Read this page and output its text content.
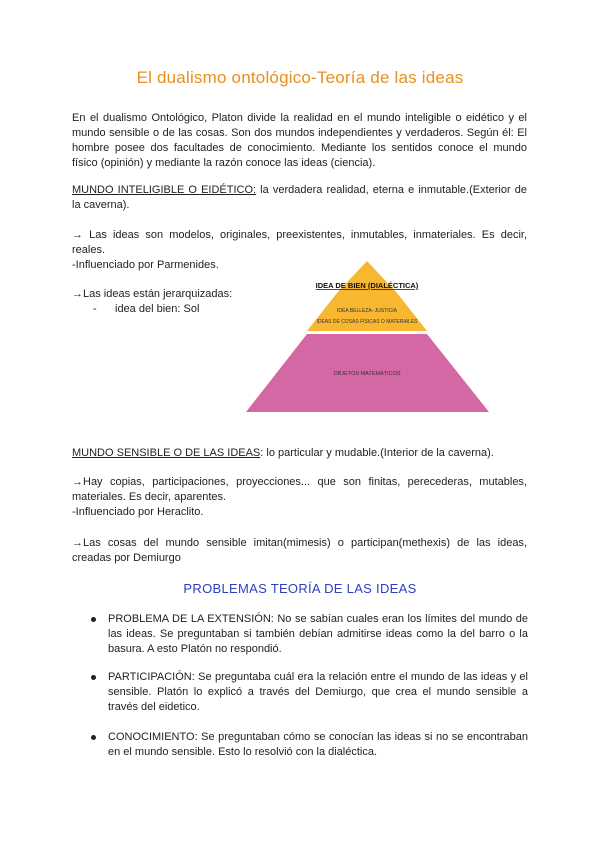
El dualismo ontológico-Teoría de las ideas

En el dualismo Ontológico, Platon divide la realidad en el mundo inteligible o eidético y el mundo sensible o de las cosas. Son dos mundos independientes y verdaderos. Según él: El hombre posee dos facultades de conocimiento. Mediante los sentidos conoce el mundo físico (opinión) y mediante la razón conoce las ideas (ciencia).

MUNDO INTELIGIBLE O EIDÉTICO: la verdadera realidad, eterna e inmutable.(Exterior de la caverna).

→ Las ideas son modelos, originales, preexistentes, inmutables, inmateriales. Es decir, reales.

-Influenciado por Parmenides.

→Las ideas están jerarquizadas:

- idea del bien: Sol
IDEA DE BIEN (DIALÉCTICA)
IDEA BELLEZA- JUSTICIA
IDEAS DE COSAS FÍSICAS O MATERIALES
OBJETOS MATEMÁTICOS

MUNDO SENSIBLE O DE LAS IDEAS: lo particular y mudable.(Interior de la caverna).

→Hay copias, participaciones, proyecciones... que son finitas, perecederas, mutables, materiales. Es decir, aparentes.

-Influenciado por Heraclito.

→Las cosas del mundo sensible imitan(mimesis) o participan(methexis) de las ideas, creadas por Demiurgo

PROBLEMAS TEORÍA DE LAS IDEAS

PROBLEMA DE LA EXTENSIÓN: No se sabían cuales eran los límites del mundo de las ideas. Se preguntaban si también debían admitirse ideas como la del barro o la basura. A esto Platón no respondió.

PARTICIPACIÓN: Se preguntaba cuál era la relación entre el mundo de las ideas y el sensible. Platón lo explicó a través del Demiurgo, que crea el mundo sensible a través del eidetico.

CONOCIMIENTO: Se preguntaban cómo se conocían las ideas si no se encontraban en el mundo sensible. Esto lo resolvió con la dialéctica.
